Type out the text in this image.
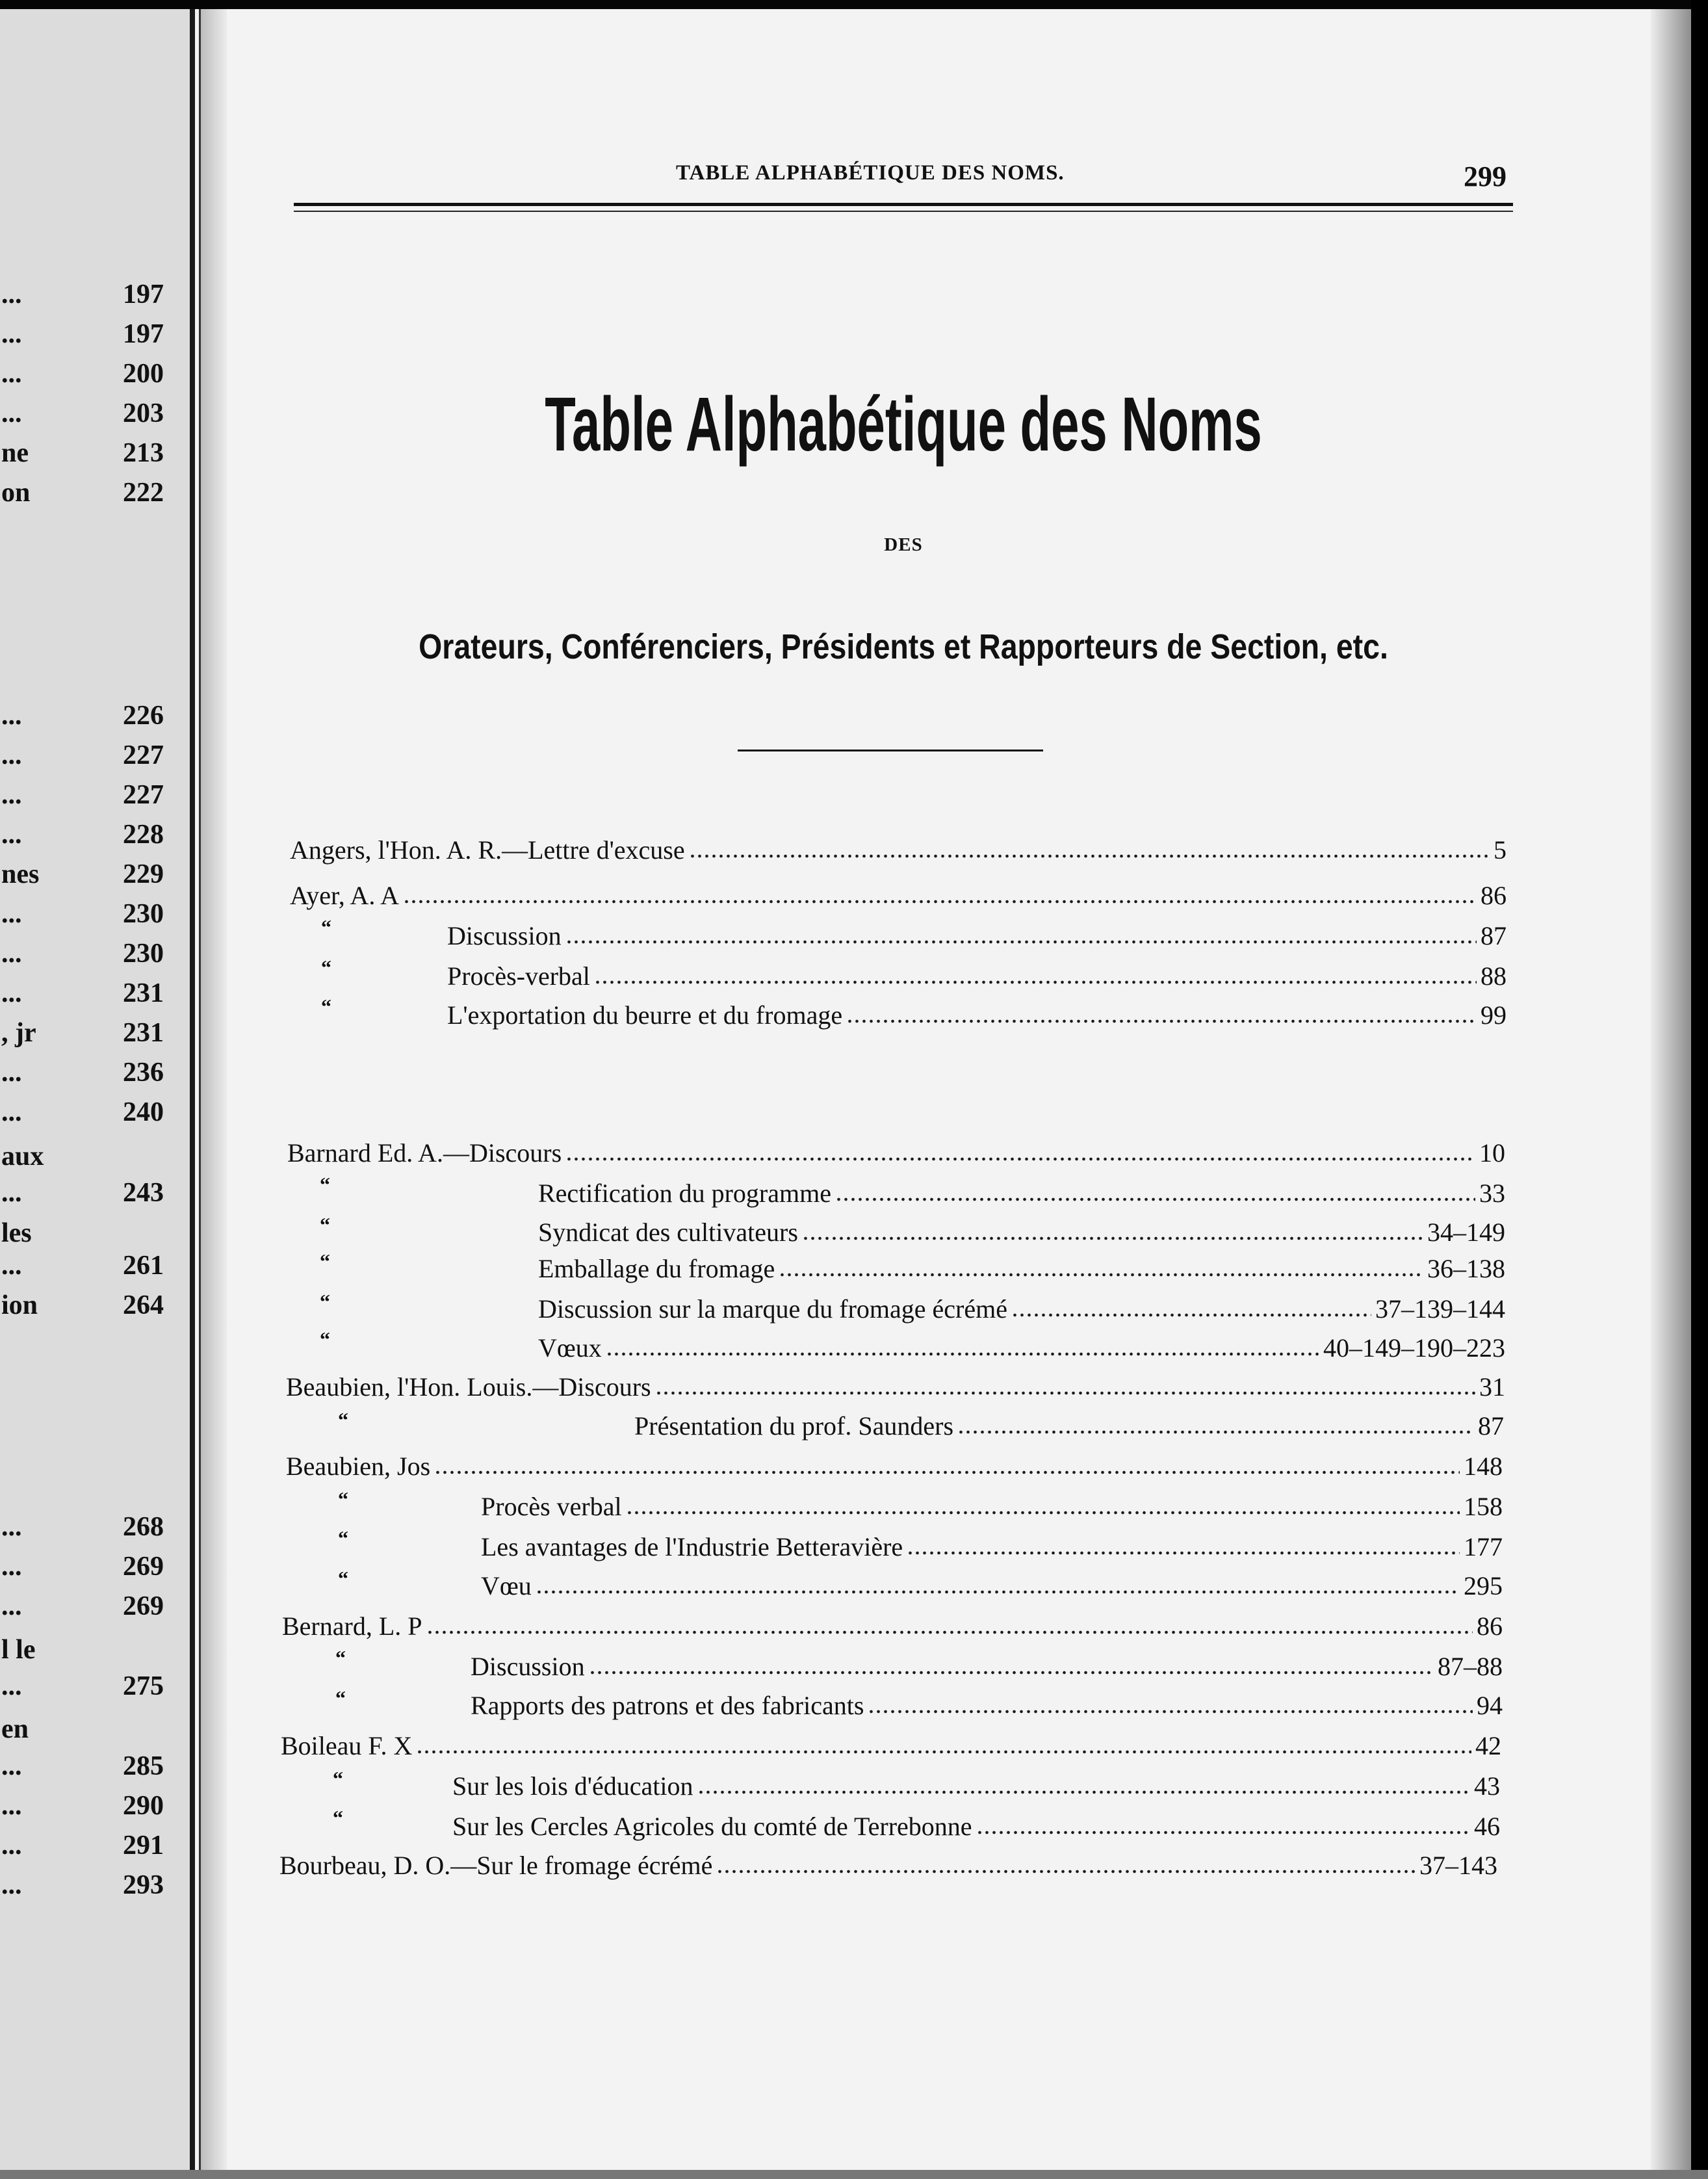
TABLE ALPHABÉTIQUE DES NOMS.	299
Table Alphabétique des Noms
DES
Orateurs, Conférenciers, Présidents et Rapporteurs de Section, etc.
...	197
...	197
...	200
...	203
ne	213
on	222
...	226
...	227
...	227
...	228
nes	229
...	230
...	230
...	231
, jr	231
...	236
...	240
aux
...	243
les
...	261
ion	264
...	268
...	269
...	269
l le
...	275
en
...	285
...	290
...	291
...	293
Angers, l'Hon. A. R.—Lettre d'excuse	5
Ayer, A. A	86
“	Discussion	87
“	Procès-verbal	88
“	L'exportation du beurre et du fromage	99
Barnard Ed. A.—Discours	10
“	Rectification du programme	33
“	Syndicat des cultivateurs	34–149
“	Emballage du fromage	36–138
“	Discussion sur la marque du fromage écrémé	37–139–144
“	Vœux	40–149–190–223
Beaubien, l'Hon. Louis.—Discours	31
“	Présentation du prof. Saunders	87
Beaubien, Jos	148
“	Procès verbal	158
“	Les avantages de l'Industrie Betteravière	177
“	Vœu	295
Bernard, L. P	86
“	Discussion	87–88
“	Rapports des patrons et des fabricants	94
Boileau F. X	42
“	Sur les lois d'éducation	43
“	Sur les Cercles Agricoles du comté de Terrebonne	46
Bourbeau, D. O.—Sur le fromage écrémé	37–143
